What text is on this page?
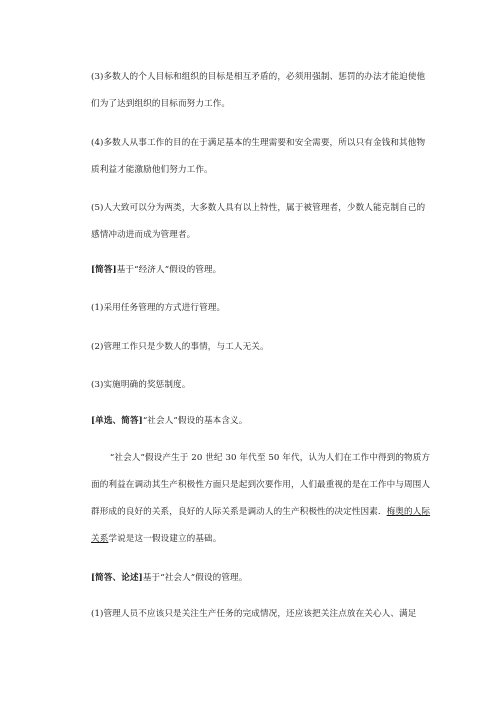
(3)多数人的个人目标和组织的目标是相互矛盾的，必须用强制、惩罚的办法才能迫使他们为了达到组织的目标而努力工作。
(4)多数人从事工作的目的在于满足基本的生理需要和安全需要，所以只有金钱和其他物质利益才能激励他们努力工作。
(5)人大致可以分为两类，大多数人具有以上特性，属于被管理者，少数人能克制自己的感情冲动进而成为管理者。
[简答]基于“经济人”假设的管理。
(1)采用任务管理的方式进行管理。
(2)管理工作只是少数人的事情，与工人无关。
(3)实施明确的奖惩制度。
[单选、简答]“社会人”假设的基本含义。
“社会人”假设产生于 20 世纪 30 年代至 50 年代，认为人们在工作中得到的物质方面的利益在调动其生产积极性方面只是起到次要作用，人们最重视的是在工作中与周围人群形成的良好的关系，良好的人际关系是调动人的生产积极性的决定性因素．梅奥的人际关系学说是这一假设建立的基础。
[简答、论述]基于“社会人”假设的管理。
(1)管理人员不应该只是关注生产任务的完成情况，还应该把关注点放在关心人、满足
